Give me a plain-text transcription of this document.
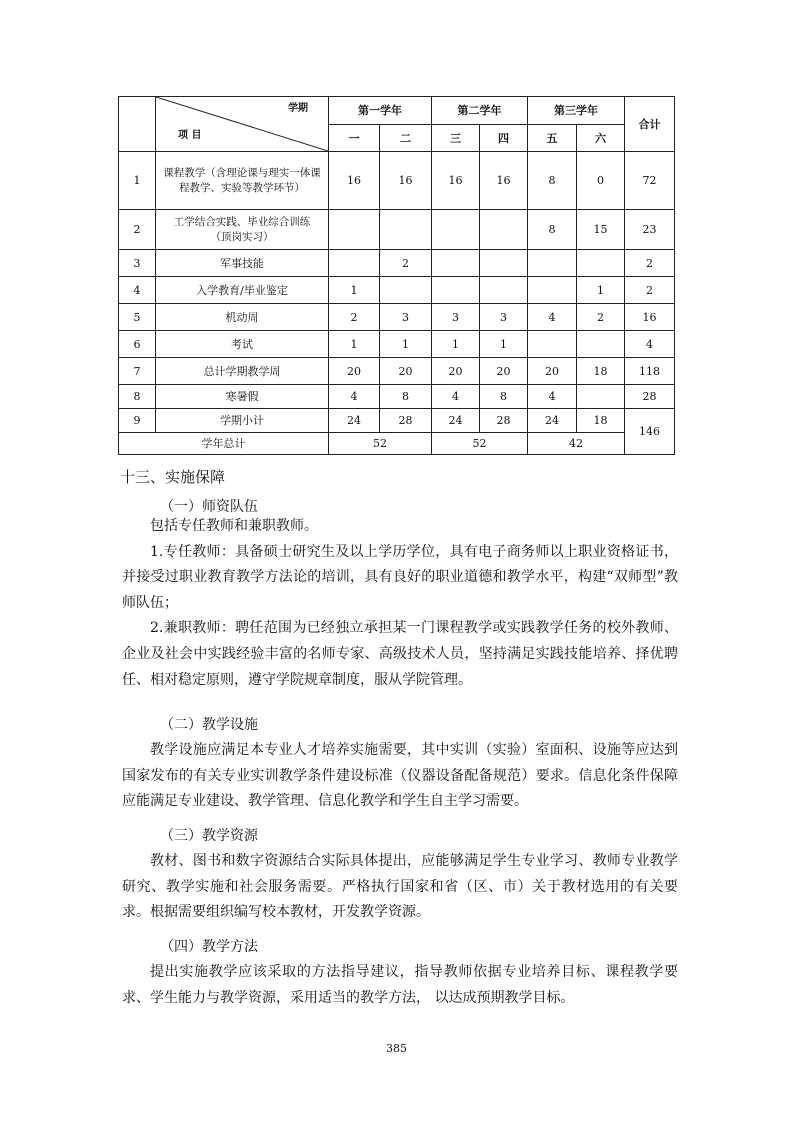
	学期
项 目	第一学年		第二学年		第三学年		合计
		一	二	三	四	五	六	
1	课程教学（含理论课与理实一体课程教学、实验等教学环节）	16	16	16	16	8	0	72
2	工学结合实践、毕业综合训练（顶岗实习）					8	15	23
3	军事技能		2					2
4	入学教育/毕业鉴定	1					1	2
5	机动周	2	3	3	3	4	2	16
6	考试	1	1	1	1			4
7	总计学期教学周	20	20	20	20	20	18	118
8	寒暑假	4	8	4	8	4		28
9	学期小计	24	28	24	28	24	18	146
学年总计		52		52		42		
十三、实施保障
（一）师资队伍

包括专任教师和兼职教师。

1.专任教师：具备硕士研究生及以上学历学位，具有电子商务师以上职业资格证书，并接受过职业教育教学方法论的培训，具有良好的职业道德和教学水平，构建“双师型”教师队伍；

2.兼职教师：聘任范围为已经独立承担某一门课程教学或实践教学任务的校外教师、企业及社会中实践经验丰富的名师专家、高级技术人员，坚持满足实践技能培养、择优聘任、相对稳定原则，遵守学院规章制度，服从学院管理。

（二）教学设施

教学设施应满足本专业人才培养实施需要，其中实训（实验）室面积、设施等应达到国家发布的有关专业实训教学条件建设标准（仪器设备配备规范）要求。信息化条件保障应能满足专业建设、教学管理、信息化教学和学生自主学习需要。

（三）教学资源

教材、图书和数字资源结合实际具体提出，应能够满足学生专业学习、教师专业教学研究、教学实施和社会服务需要。严格执行国家和省（区、市）关于教材选用的有关要求。根据需要组织编写校本教材，开发教学资源。

（四）教学方法

提出实施教学应该采取的方法指导建议，指导教师依据专业培养目标、课程教学要求、学生能力与教学资源，采用适当的教学方法， 以达成预期教学目标。

385
